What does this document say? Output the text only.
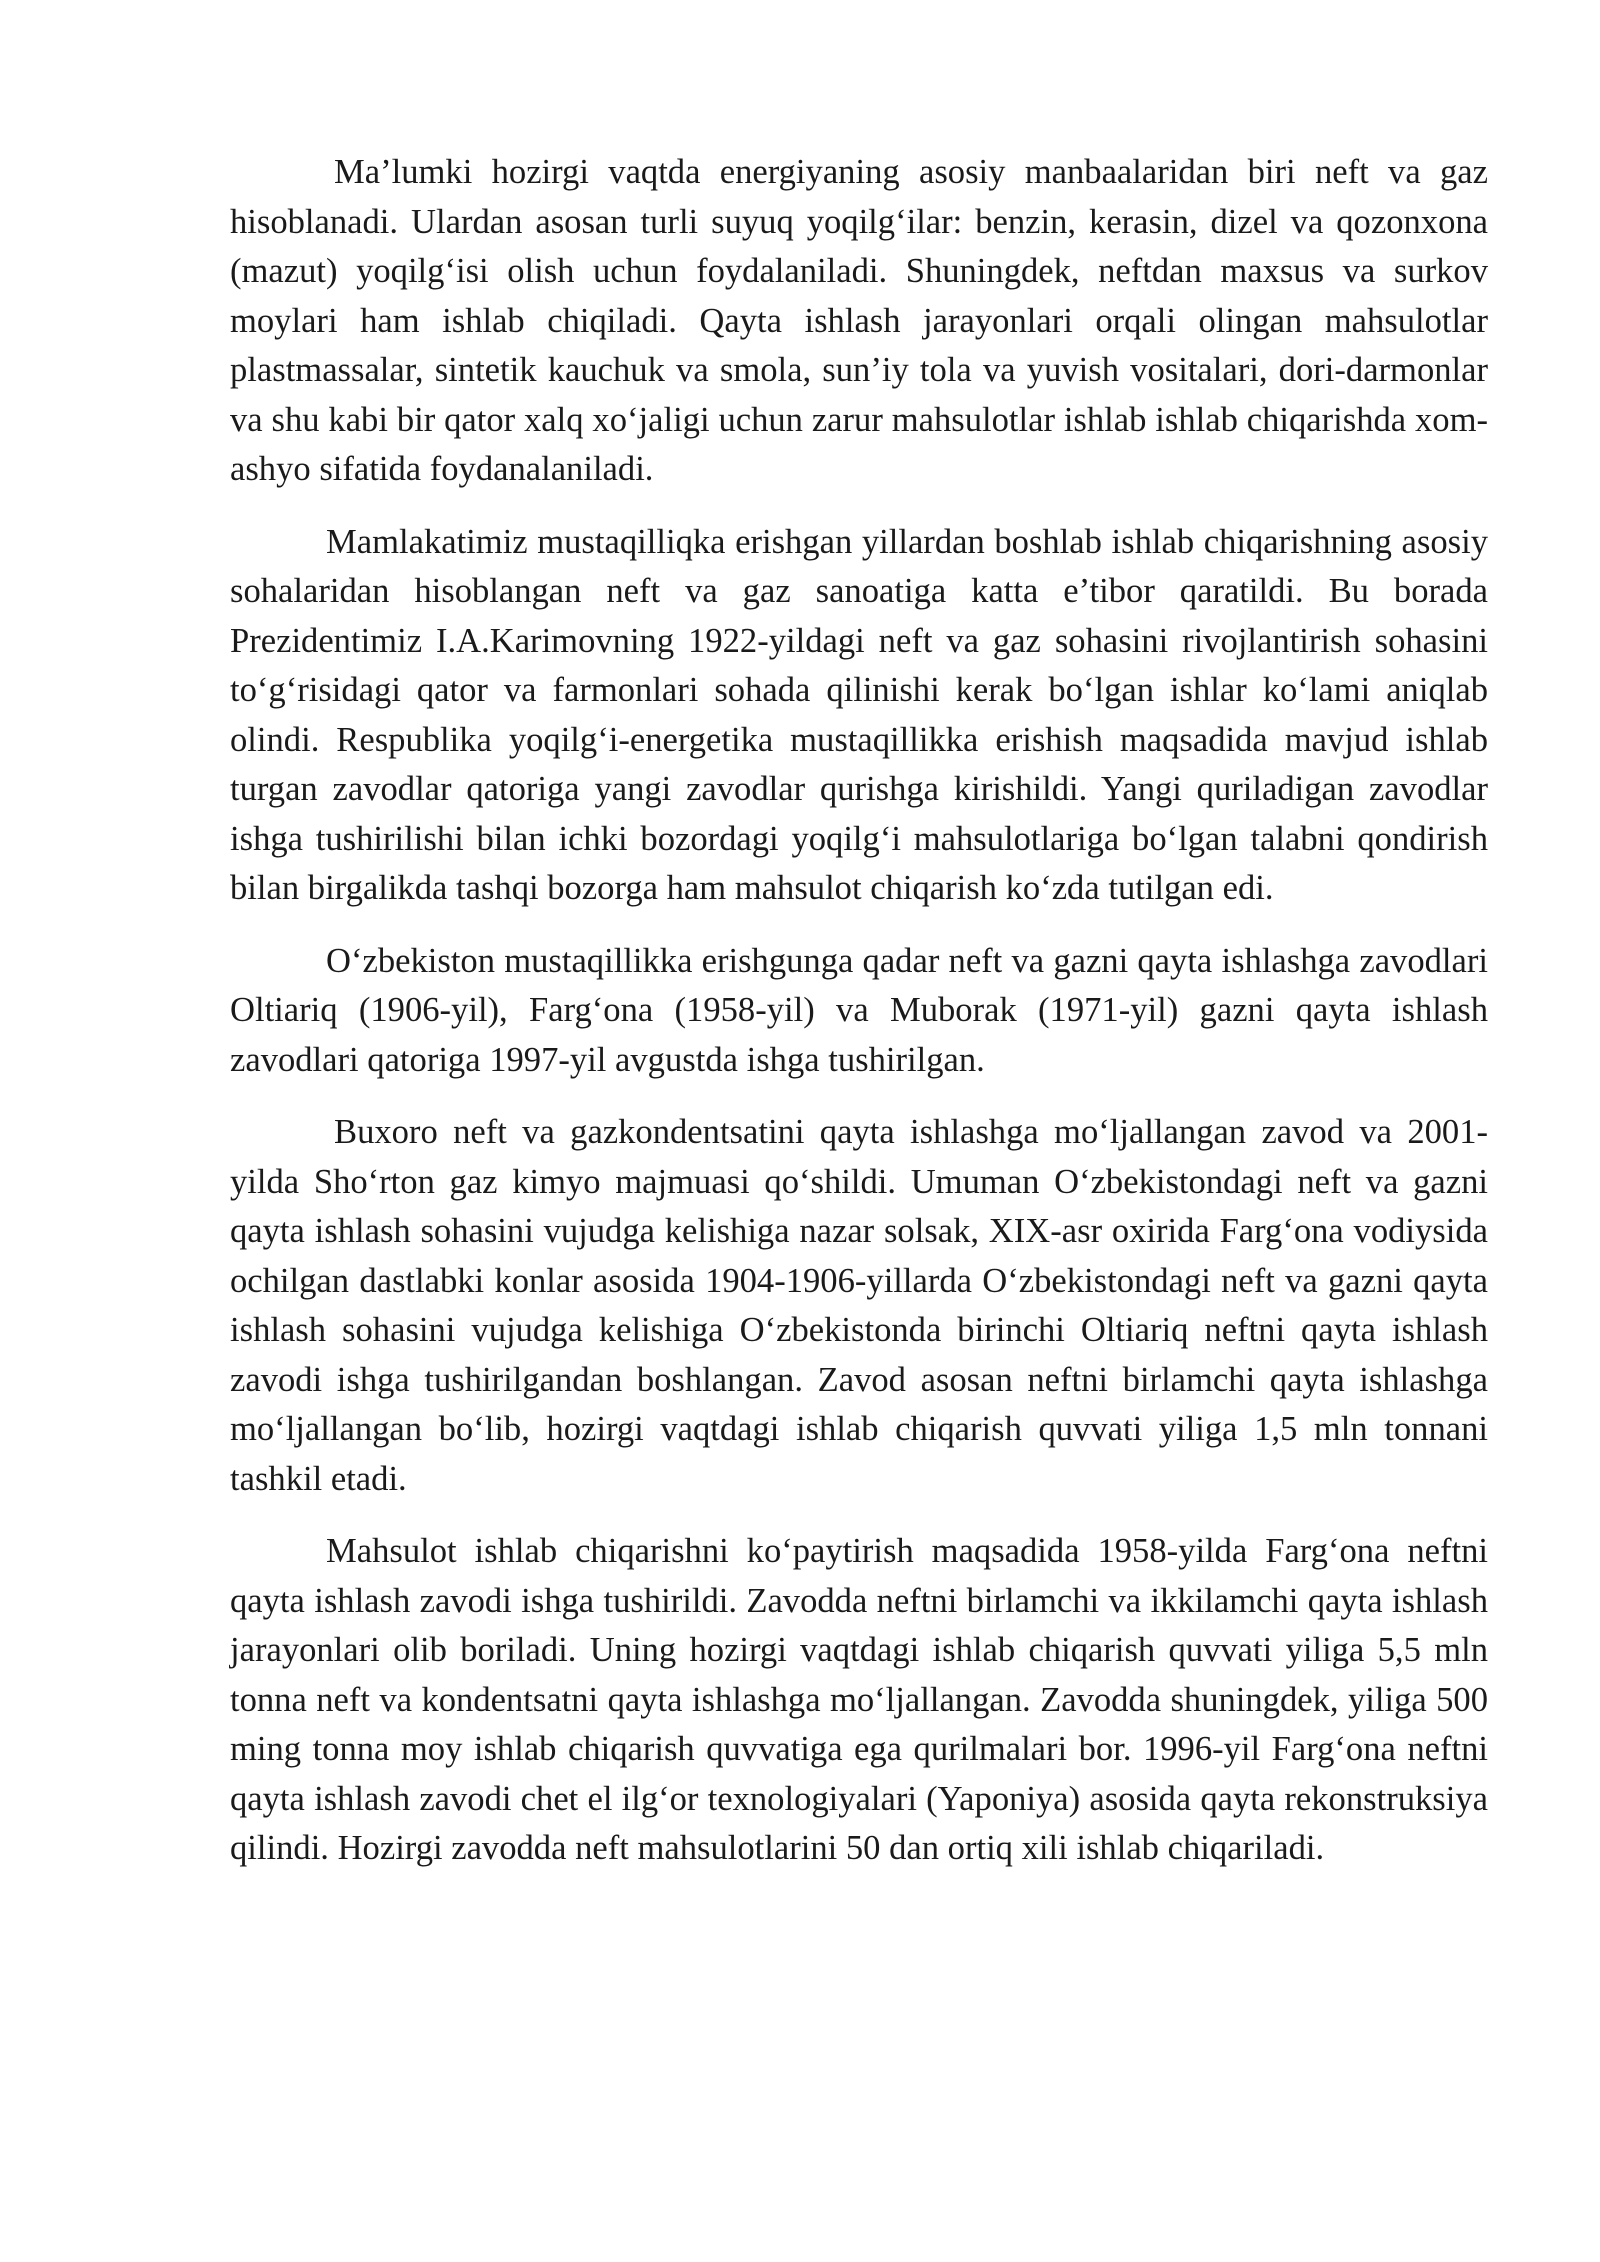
Ma’lumki hozirgi vaqtda energiyaning asosiy manbaalaridan biri neft va gaz hisoblanadi. Ulardan asosan turli suyuq yoqilg‘ilar: benzin, kerasin, dizel va qozonxona (mazut) yoqilg‘isi olish uchun foydalaniladi. Shuningdek, neftdan maxsus va surkov moylari ham ishlab chiqiladi. Qayta ishlash jarayonlari orqali olingan mahsulotlar plastmassalar, sintetik kauchuk va smola, sun’iy tola va yuvish vositalari, dori-darmonlar va shu kabi bir qator xalq xo‘jaligi uchun zarur mahsulotlar ishlab ishlab chiqarishda xom-ashyo sifatida foydanalaniladi.

Mamlakatimiz mustaqilliqka erishgan yillardan boshlab ishlab chiqarishning asosiy sohalaridan hisoblangan neft va gaz sanoatiga katta e’tibor qaratildi. Bu borada Prezidentimiz I.A.Karimovning 1922-yildagi neft va gaz sohasini rivojlantirish sohasini to‘g‘risidagi qator va farmonlari sohada qilinishi kerak bo‘lgan ishlar ko‘lami aniqlab olindi. Respublika yoqilg‘i-energetika mustaqillikka erishish maqsadida mavjud ishlab turgan zavodlar qatoriga yangi zavodlar qurishga kirishildi. Yangi quriladigan zavodlar ishga tushirilishi bilan ichki bozordagi yoqilg‘i mahsulotlariga bo‘lgan talabni qondirish bilan birgalikda tashqi bozorga ham mahsulot chiqarish ko‘zda tutilgan edi.

O‘zbekiston mustaqillikka erishgunga qadar neft va gazni qayta ishlashga zavodlari Oltiariq (1906-yil), Farg‘ona (1958-yil) va Muborak (1971-yil) gazni qayta ishlash zavodlari qatoriga 1997-yil avgustda ishga tushirilgan.

Buxoro neft va gazkondentsatini qayta ishlashga mo‘ljallangan zavod va 2001-yilda Sho‘rton gaz kimyo majmuasi qo‘shildi. Umuman O‘zbekistondagi neft va gazni qayta ishlash sohasini vujudga kelishiga nazar solsak, XIX-asr oxirida Farg‘ona vodiysida ochilgan dastlabki konlar asosida 1904-1906-yillarda O‘zbekistondagi neft va gazni qayta ishlash sohasini vujudga kelishiga O‘zbekistonda birinchi Oltiariq neftni qayta ishlash zavodi ishga tushirilgandan boshlangan. Zavod asosan neftni birlamchi qayta ishlashga mo‘ljallangan bo‘lib, hozirgi vaqtdagi ishlab chiqarish quvvati yiliga 1,5 mln tonnani tashkil etadi.

Mahsulot ishlab chiqarishni ko‘paytirish maqsadida 1958-yilda Farg‘ona neftni qayta ishlash zavodi ishga tushirildi. Zavodda neftni birlamchi va ikkilamchi qayta ishlash jarayonlari olib boriladi. Uning hozirgi vaqtdagi ishlab chiqarish quvvati yiliga 5,5 mln tonna neft va kondentsatni qayta ishlashga mo‘ljallangan. Zavodda shuningdek, yiliga 500 ming tonna moy ishlab chiqarish quvvatiga ega qurilmalari bor. 1996-yil Farg‘ona neftni qayta ishlash zavodi chet el ilg‘or texnologiyalari (Yaponiya) asosida qayta rekonstruksiya qilindi. Hozirgi zavodda neft mahsulotlarini 50 dan ortiq xili ishlab chiqariladi.
